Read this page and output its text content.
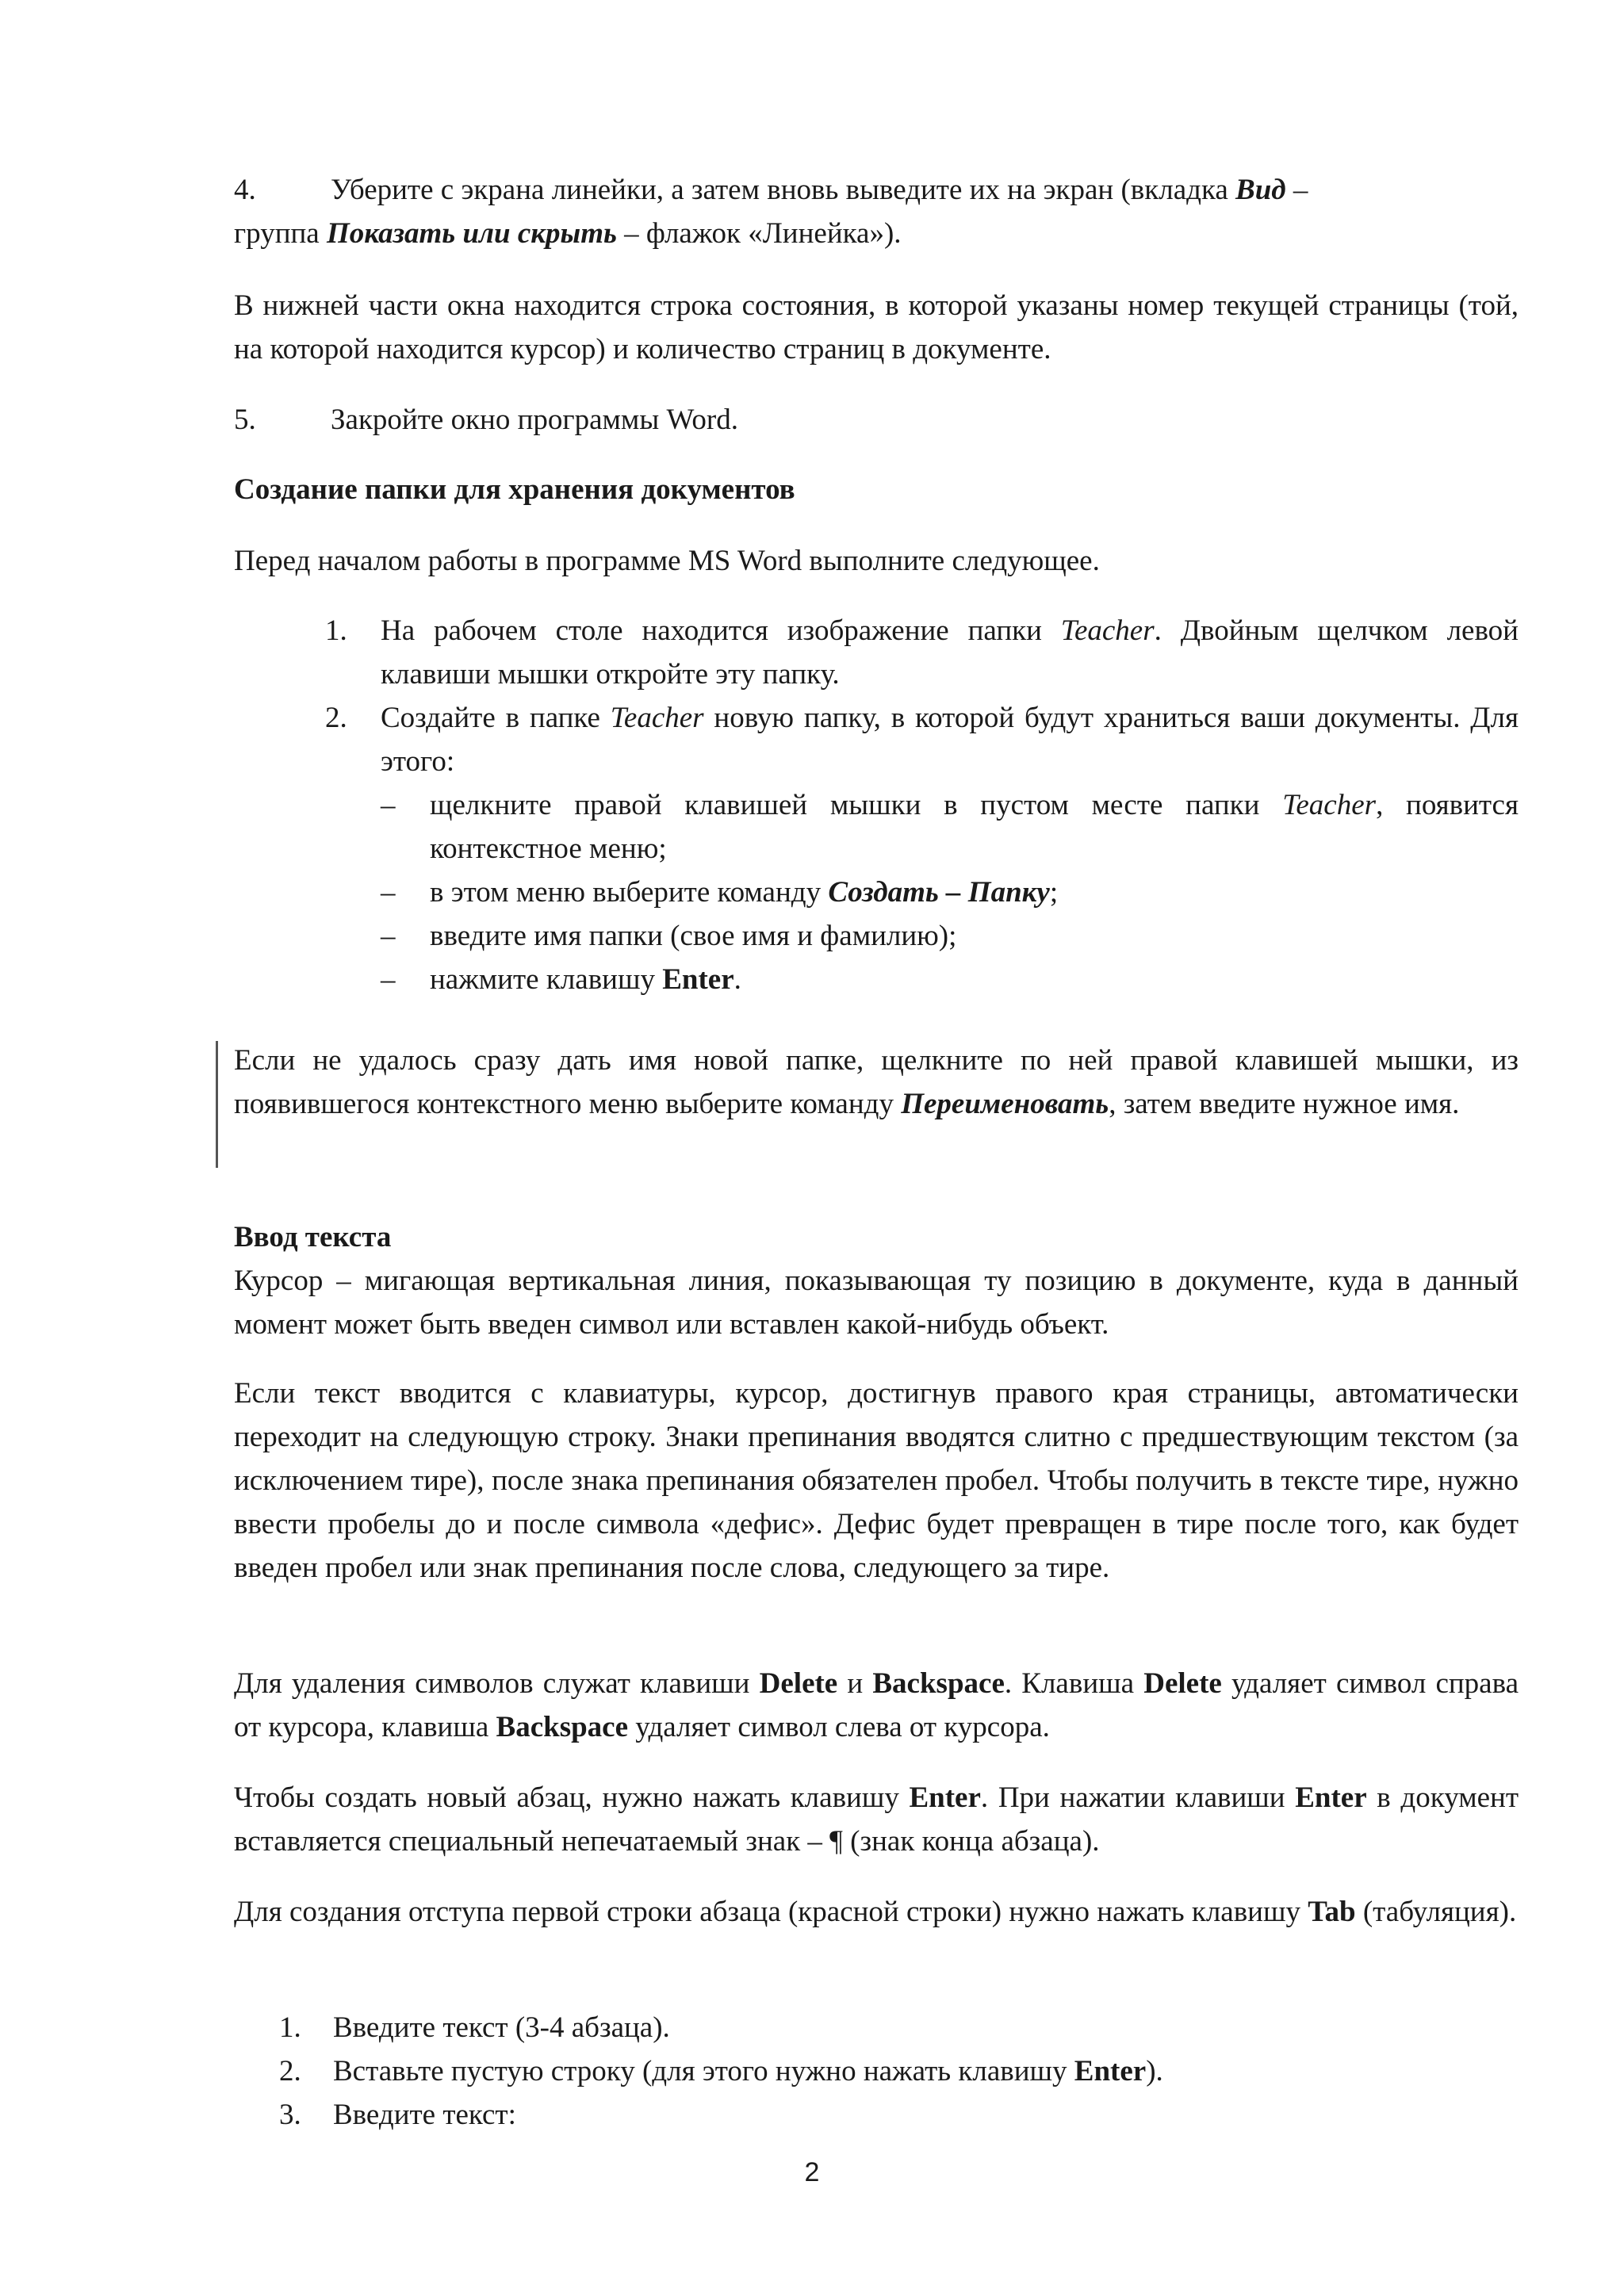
4.	Уберите с экрана линейки, а затем вновь выведите их на экран (вкладка Вид –
группа Показать или скрыть – флажок «Линейка»).

В нижней части окна находится строка состояния, в которой указаны номер текущей страницы (той, на которой находится курсор) и количество страниц в документе.

5.	Закройте окно программы Word.
Создание папки для хранения документов
Перед началом работы в программе MS Word выполните следующее.
1. На рабочем столе находится изображение папки Teacher. Двойным щелчком левой клавиши мышки откройте эту папку.
2. Создайте в папке Teacher новую папку, в которой будут храниться ваши документы. Для этого:
– щелкните правой клавишей мышки в пустом месте папки Teacher, появится контекстное меню;
– в этом меню выберите команду Создать – Папку;
– введите имя папки (свое имя и фамилию);
– нажмите клавишу Enter.

Если не удалось сразу дать имя новой папке, щелкните по ней правой клавишей мышки, из появившегося контекстного меню выберите команду Переименовать, затем введите нужное имя.

Ввод текста

Курсор – мигающая вертикальная линия, показывающая ту позицию в документе, куда в данный момент может быть введен символ или вставлен какой-нибудь объект.

Если текст вводится с клавиатуры, курсор, достигнув правого края страницы, автоматически переходит на следующую строку. Знаки препинания вводятся слитно с предшествующим текстом (за исключением тире), после знака препинания обязателен пробел. Чтобы получить в тексте тире, нужно ввести пробелы до и после символа «дефис». Дефис будет превращен в тире после того, как будет введен пробел или знак препинания после слова, следующего за тире.

Для удаления символов служат клавиши Delete и Backspace. Клавиша Delete удаляет символ справа от курсора, клавиша Backspace удаляет символ слева от курсора.

Чтобы создать новый абзац, нужно нажать клавишу Enter. При нажатии клавиши Enter в документ вставляется специальный непечатаемый знак – ¶ (знак конца абзаца).

Для создания отступа первой строки абзаца (красной строки) нужно нажать клавишу Tab (табуляция).

1. Введите текст (3-4 абзаца).
2. Вставьте пустую строку (для этого нужно нажать клавишу Enter).
3. Введите текст:
2
